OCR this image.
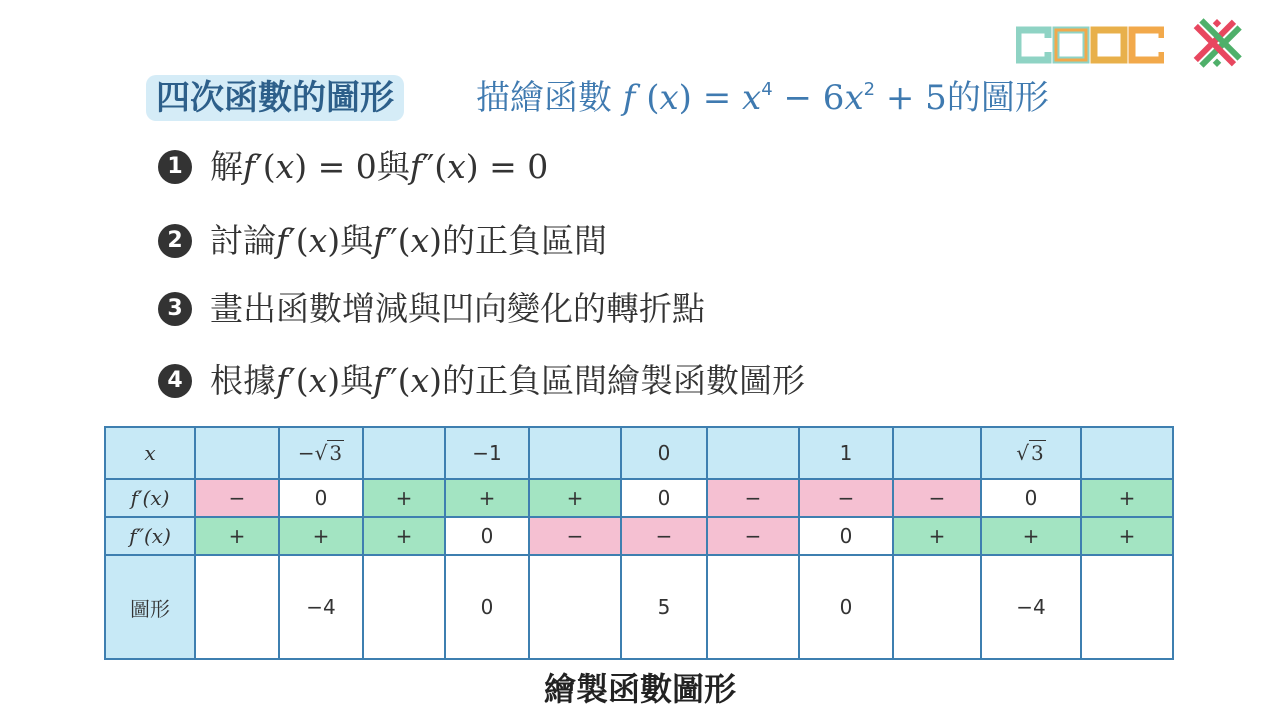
四次函數的圖形 描繪函數 f $(x) = x^4 - 6x^2 + 5$的圖形
1 解 f ′( x ) = 0 與 f ″( x ) = 0
2 討論 f ′( x ) 與 f ″( x ) 的正負區間
3 畫出函數增減與凹向變化的轉折點
4 根據 f ′( x ) 與 f ″( x ) 的正負區間繪製函數圖形
x		−√ 3		−1		0		1		√ 3	
f′(x)	−	0	+	+	+	0	−	−	−	0	+
f″(x)	+	+	+	0	−	−	−	0	+	+	+
圖形		−4		0		5		0		−4	
繪製函數圖形
